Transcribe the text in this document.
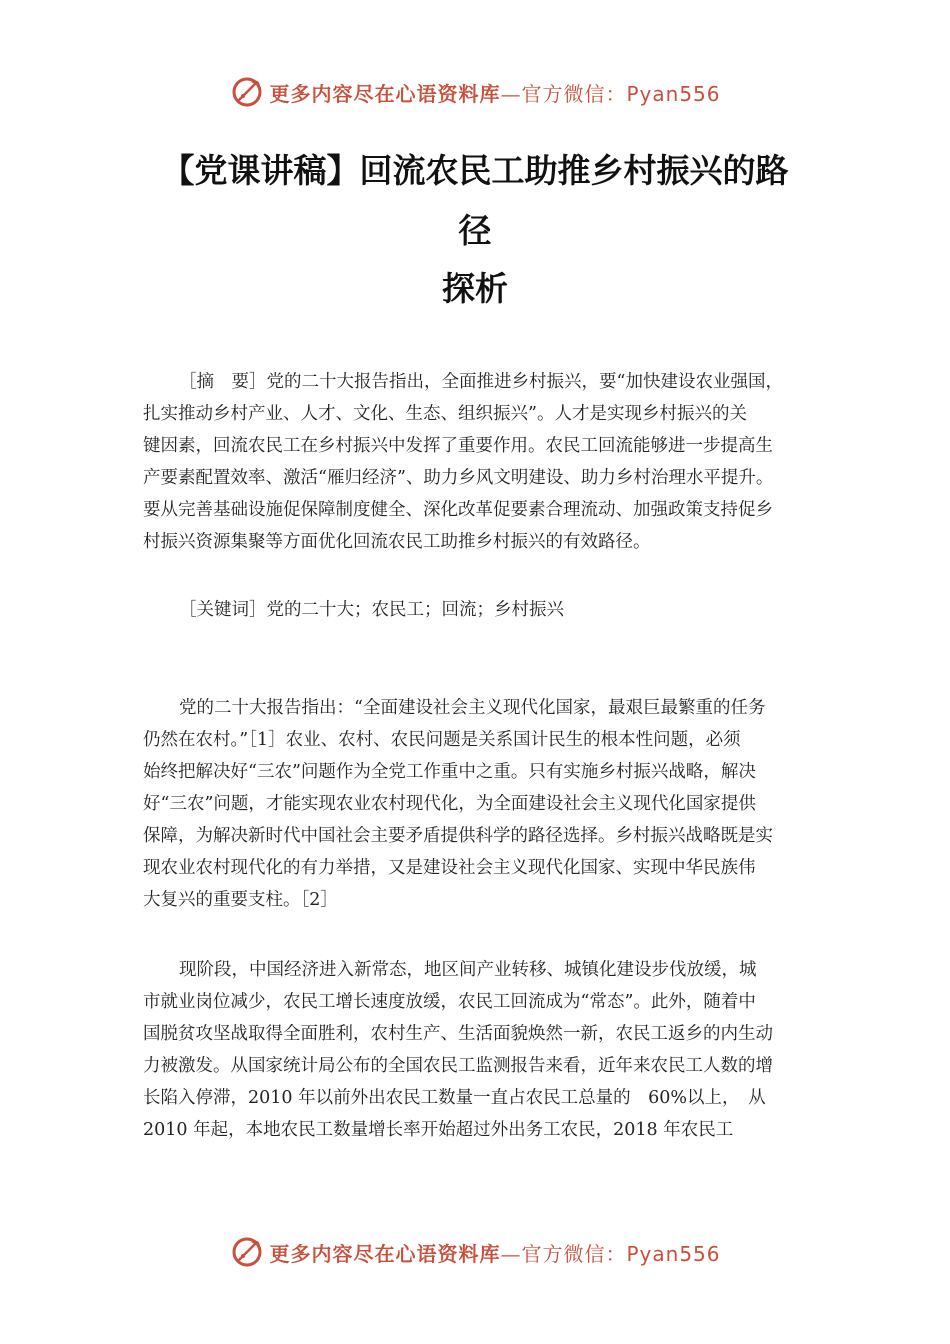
更多内容尽在心语资料库—官方微信：Pyan556
【党课讲稿】回流农民工助推乡村振兴的路
径
探析
［摘　要］党的二十大报告指出，全面推进乡村振兴，要“加快建设农业强国，
扎实推动乡村产业、人才、文化、生态、组织振兴”。人才是实现乡村振兴的关
键因素，回流农民工在乡村振兴中发挥了重要作用。农民工回流能够进一步提高生
产要素配置效率、激活“雁归经济”、助力乡风文明建设、助力乡村治理水平提升。
要从完善基础设施促保障制度健全、深化改革促要素合理流动、加强政策支持促乡
村振兴资源集聚等方面优化回流农民工助推乡村振兴的有效路径。
［关键词］党的二十大；农民工；回流；乡村振兴
党的二十大报告指出：“全面建设社会主义现代化国家，最艰巨最繁重的任务
仍然在农村。”［1］农业、农村、农民问题是关系国计民生的根本性问题，必须
始终把解决好“三农”问题作为全党工作重中之重。只有实施乡村振兴战略，解决
好“三农”问题，才能实现农业农村现代化，为全面建设社会主义现代化国家提供
保障，为解决新时代中国社会主要矛盾提供科学的路径选择。乡村振兴战略既是实
现农业农村现代化的有力举措，又是建设社会主义现代化国家、实现中华民族伟
大复兴的重要支柱。［2］
现阶段，中国经济进入新常态，地区间产业转移、城镇化建设步伐放缓，城
市就业岗位减少，农民工增长速度放缓，农民工回流成为“常态”。此外，随着中
国脱贫攻坚战取得全面胜利，农村生产、生活面貌焕然一新，农民工返乡的内生动
力被激发。从国家统计局公布的全国农民工监测报告来看，近年来农民工人数的增
长陷入停滞，2010 年以前外出农民工数量一直占农民工总量的　60%以上，　从
2010 年起，本地农民工数量增长率开始超过外出务工农民，2018 年农民工
更多内容尽在心语资料库—官方微信：Pyan556
